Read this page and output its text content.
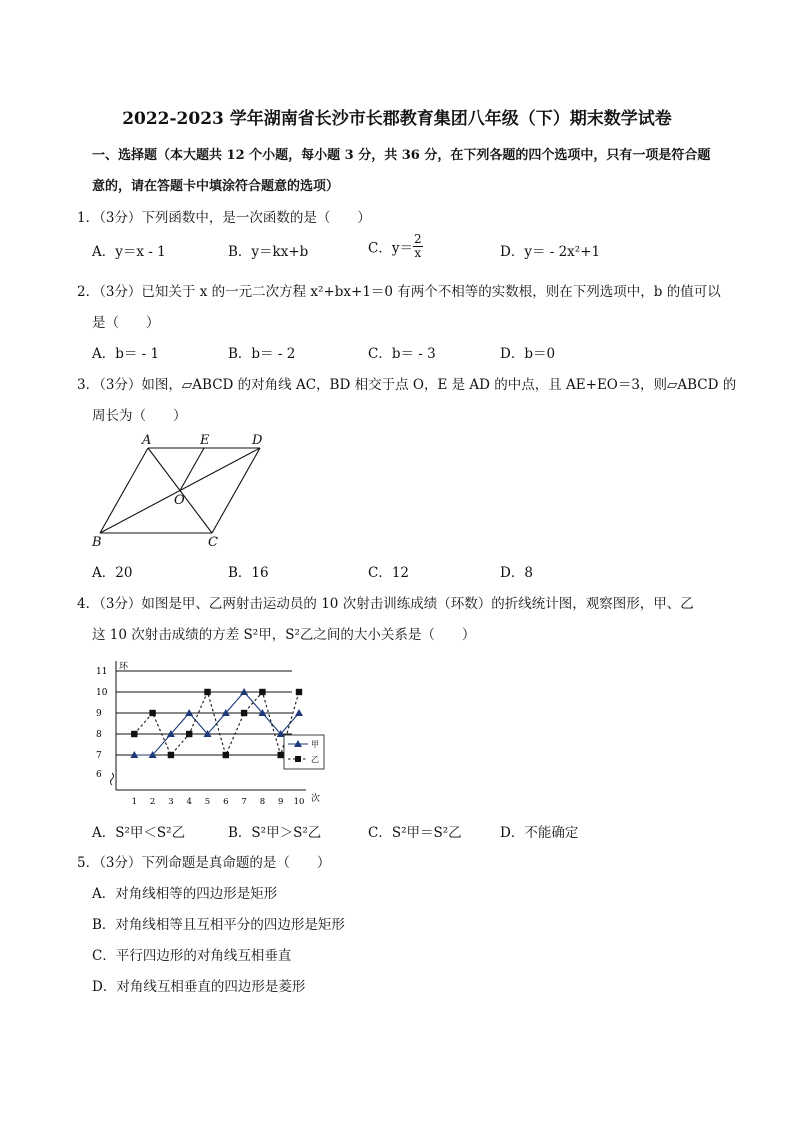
2022-2023 学年湖南省长沙市长郡教育集团八年级（下）期末数学试卷
一、选择题（本大题共 12 个小题，每小题 3 分，共 36 分，在下列各题的四个选项中，只有一项是符合题
意的，请在答题卡中填涂符合题意的选项）
1．（3分）下列函数中，是一次函数的是（　　）
A．y＝x - 1	B．y＝kx+b	C．$y= \frac{2}{x}$	D．y＝ - 2x²+1
2．（3分）已知关于 x 的一元二次方程 x²+bx+1＝0 有两个不相等的实数根，则在下列选项中，b 的值可以
是（　　）
A．b＝ - 1	B．b＝ - 2	C．b＝ - 3	D．b＝0
3．（3分）如图，▱ABCD 的对角线 AC，BD 相交于点 O，E 是 AD 的中点，且 AE+EO＝3，则▱ABCD 的
周长为（　　）
A	E	D
O
B	C
A．20	B．16	C．12	D．8
4．（3分）如图是甲、乙两射击运动员的 10 次射击训练成绩（环数）的折线统计图，观察图形，甲、乙
这 10 次射击成绩的方差 S²甲，S²乙之间的大小关系是（　　）
环
次
6
7
8
9
10
11
1 2 3 4 5 6 7 8 9 10
甲
乙
A．S²甲＜S²乙	B．S²甲＞S²乙	C．S²甲＝S²乙	D．不能确定
5．（3分）下列命题是真命题的是（　　）
A．对角线相等的四边形是矩形
B．对角线相等且互相平分的四边形是矩形
C．平行四边形的对角线互相垂直
D．对角线互相垂直的四边形是菱形
